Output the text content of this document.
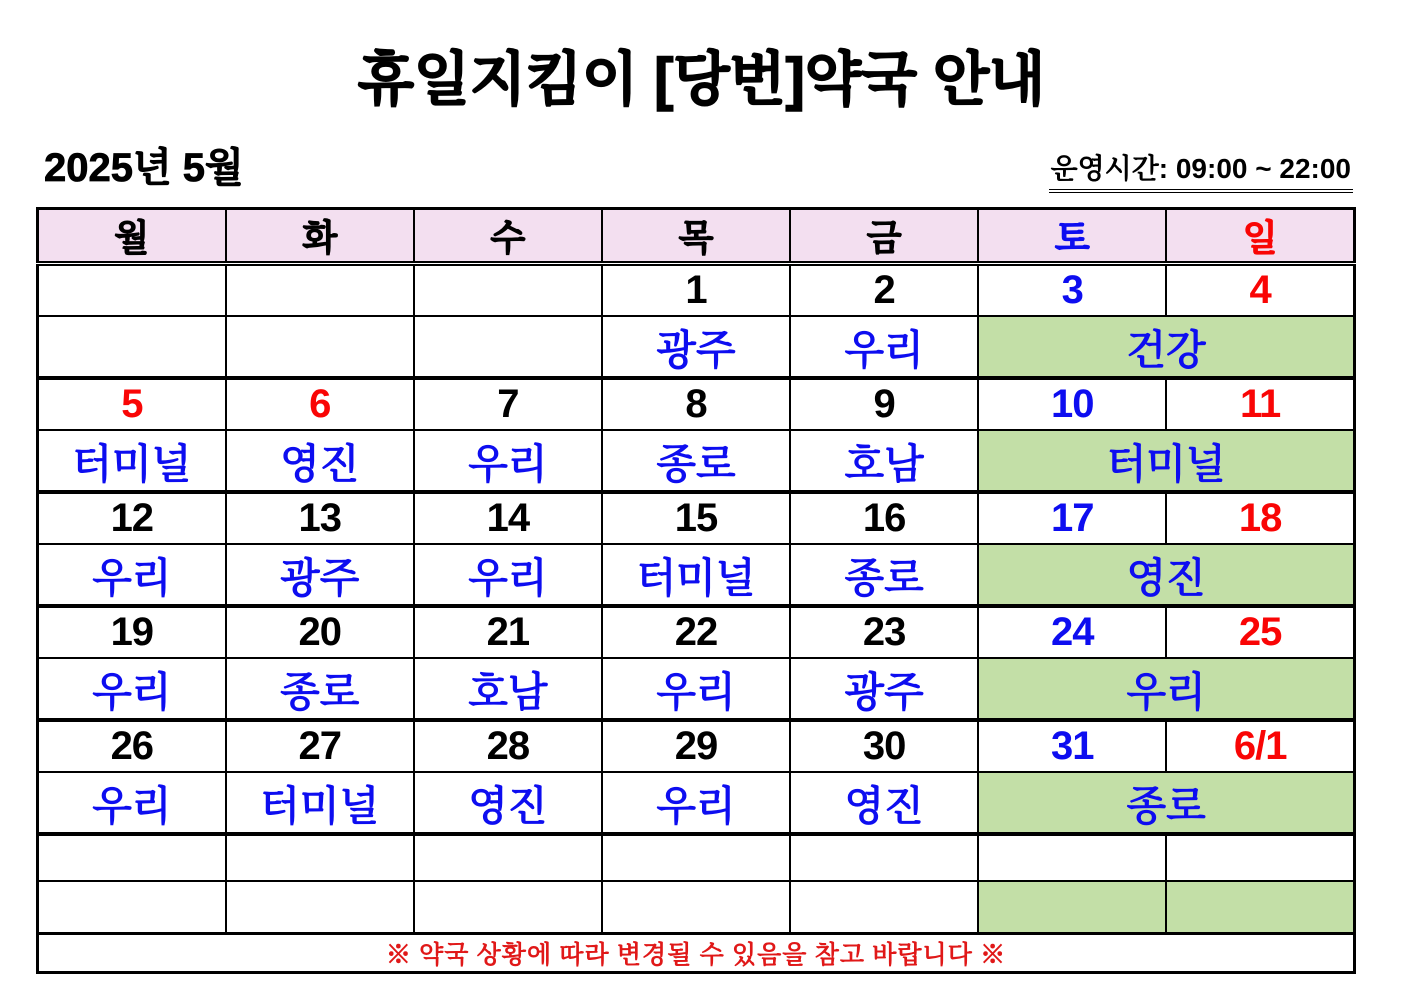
휴일지킴이 [당번]약국 안내
2025년 5월	운영시간: 09:00 ~ 22:00
월	화	수	목	금	토	일
			1	2	3	4
			광주	우리	건강	
5	6	7	8	9	10	11
터미널	영진	우리	종로	호남	터미널	
12	13	14	15	16	17	18
우리	광주	우리	터미널	종로	영진	
19	20	21	22	23	24	25
우리	종로	호남	우리	광주	우리	
26	27	28	29	30	31	6/1
우리	터미널	영진	우리	영진	종로	

※ 약국 상황에 따라 변경될 수 있음을 참고 바랍니다 ※						
